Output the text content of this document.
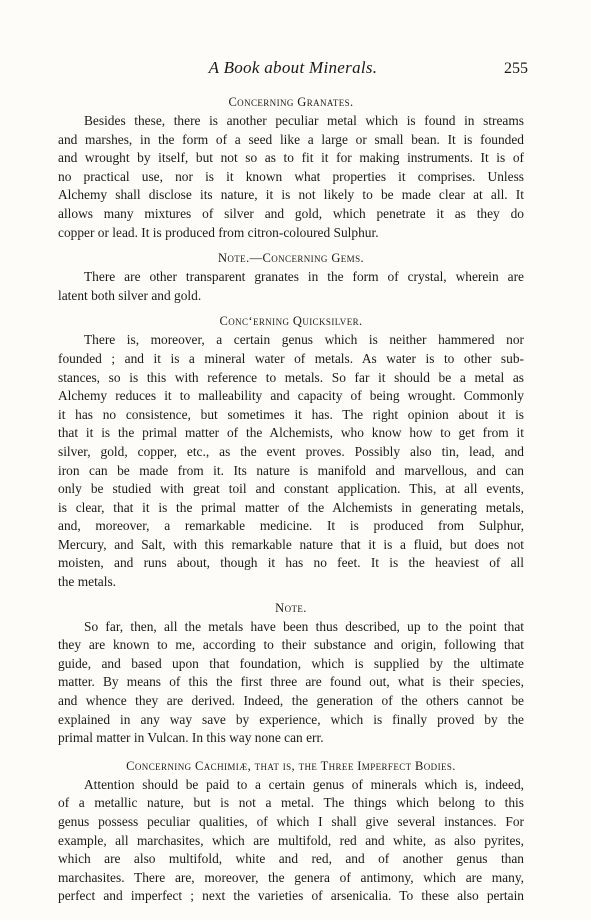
A Book about Minerals.	255
Concerning Granates.
Besides these, there is another peculiar metal which is found in streams
and marshes, in the form of a seed like a large or small bean. It is founded
and wrought by itself, but not so as to fit it for making instruments. It is of
no practical use, nor is it known what properties it comprises. Unless
Alchemy shall disclose its nature, it is not likely to be made clear at all. It
allows many mixtures of silver and gold, which penetrate it as they do
copper or lead. It is produced from citron-coloured Sulphur.
Note.—Concerning Gems.
There are other transparent granates in the form of crystal, wherein are
latent both silver and gold.
Concʻerning Quicksilver.
There is, moreover, a certain genus which is neither hammered nor
founded ; and it is a mineral water of metals. As water is to other sub-
stances, so is this with reference to metals. So far it should be a metal as
Alchemy reduces it to malleability and capacity of being wrought. Commonly
it has no consistence, but sometimes it has. The right opinion about it is
that it is the primal matter of the Alchemists, who know how to get from it
silver, gold, copper, etc., as the event proves. Possibly also tin, lead, and
iron can be made from it. Its nature is manifold and marvellous, and can
only be studied with great toil and constant application. This, at all events,
is clear, that it is the primal matter of the Alchemists in generating metals,
and, moreover, a remarkable medicine. It is produced from Sulphur,
Mercury, and Salt, with this remarkable nature that it is a fluid, but does not
moisten, and runs about, though it has no feet. It is the heaviest of all
the metals.
Note.
So far, then, all the metals have been thus described, up to the point that
they are known to me, according to their substance and origin, following that
guide, and based upon that foundation, which is supplied by the ultimate
matter. By means of this the first three are found out, what is their species,
and whence they are derived. Indeed, the generation of the others cannot be
explained in any way save by experience, which is finally proved by the
primal matter in Vulcan. In this way none can err.
Concerning Cachimiæ, that is, the Three Imperfect Bodies.
Attention should be paid to a certain genus of minerals which is, indeed,
of a metallic nature, but is not a metal. The things which belong to this
genus possess peculiar qualities, of which I shall give several instances. For
example, all marchasites, which are multifold, red and white, as also pyrites,
which are also multifold, white and red, and of another genus than
marchasites. There are, moreover, the genera of antimony, which are many,
perfect and imperfect ; next the varieties of arsenicalia. To these also pertain
